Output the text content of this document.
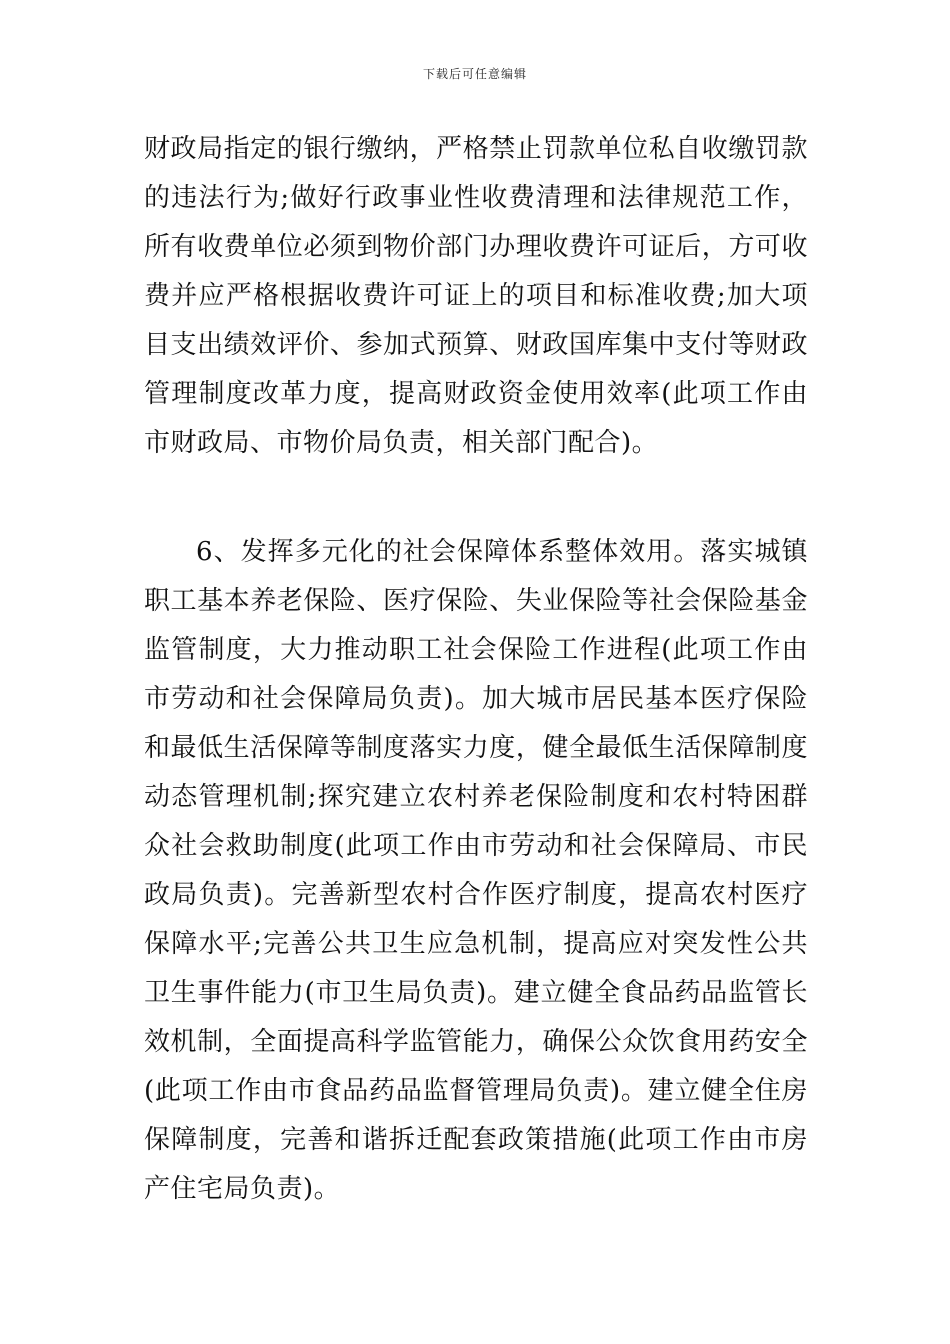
下载后可任意编辑

财政局指定的银行缴纳，严格禁止罚款单位私自收缴罚款的违法行为;做好行政事业性收费清理和法律规范工作，所有收费单位必须到物价部门办理收费许可证后，方可收费并应严格根据收费许可证上的项目和标准收费;加大项目支出绩效评价、参加式预算、财政国库集中支付等财政管理制度改革力度，提高财政资金使用效率(此项工作由市财政局、市物价局负责，相关部门配合)。

6、发挥多元化的社会保障体系整体效用。落实城镇职工基本养老保险、医疗保险、失业保险等社会保险基金监管制度，大力推动职工社会保险工作进程(此项工作由市劳动和社会保障局负责)。加大城市居民基本医疗保险和最低生活保障等制度落实力度，健全最低生活保障制度动态管理机制;探究建立农村养老保险制度和农村特困群众社会救助制度(此项工作由市劳动和社会保障局、市民政局负责)。完善新型农村合作医疗制度，提高农村医疗保障水平;完善公共卫生应急机制，提高应对突发性公共卫生事件能力(市卫生局负责)。建立健全食品药品监管长效机制，全面提高科学监管能力，确保公众饮食用药安全(此项工作由市食品药品监督管理局负责)。建立健全住房保障制度，完善和谐拆迁配套政策措施(此项工作由市房产住宅局负责)。
